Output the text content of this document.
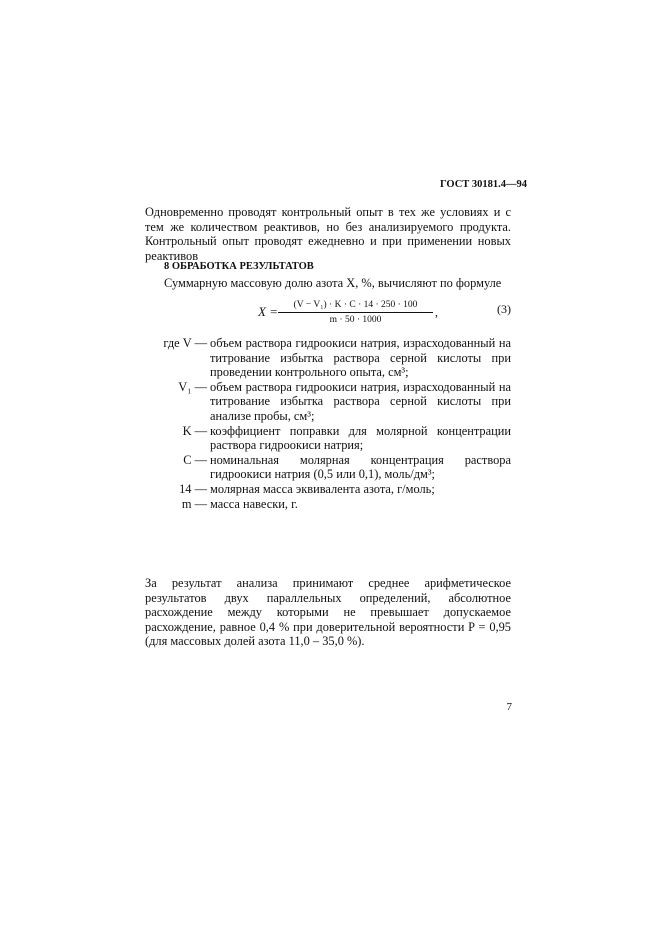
ГОСТ 30181.4—94
Одновременно проводят контрольный опыт в тех же условиях и с тем же количеством реактивов, но без анализируемого продукта. Контрольный опыт проводят ежедневно и при применении новых реактивов
8 ОБРАБОТКА РЕЗУЛЬТАТОВ
Суммарную массовую долю азота X, %, вычисляют по формуле
X =	(V − V₁) · K · C · 14 · 250 · 100
m · 50 · 1000
,	(3)
где V — объем раствора гидроокиси натрия, израсходованный на титрование избытка раствора серной кислоты при проведении контрольного опыта, см³;
V₁ — объем раствора гидроокиси натрия, израсходованный на титрование избытка раствора серной кислоты при анализе пробы, см³;
K — коэффициент поправки для молярной концентрации раствора гидроокиси натрия;
C — номинальная молярная концентрация раствора гидроокиси натрия (0,5 или 0,1), моль/дм³;
14 — молярная масса эквивалента азота, г/моль;
m — масса навески, г.
За результат анализа принимают среднее арифметическое результатов двух параллельных определений, абсолютное расхождение между которыми не превышает допускаемое расхождение, равное 0,4 % при доверительной вероятности P = 0,95 (для массовых долей азота 11,0 – 35,0 %).
7
